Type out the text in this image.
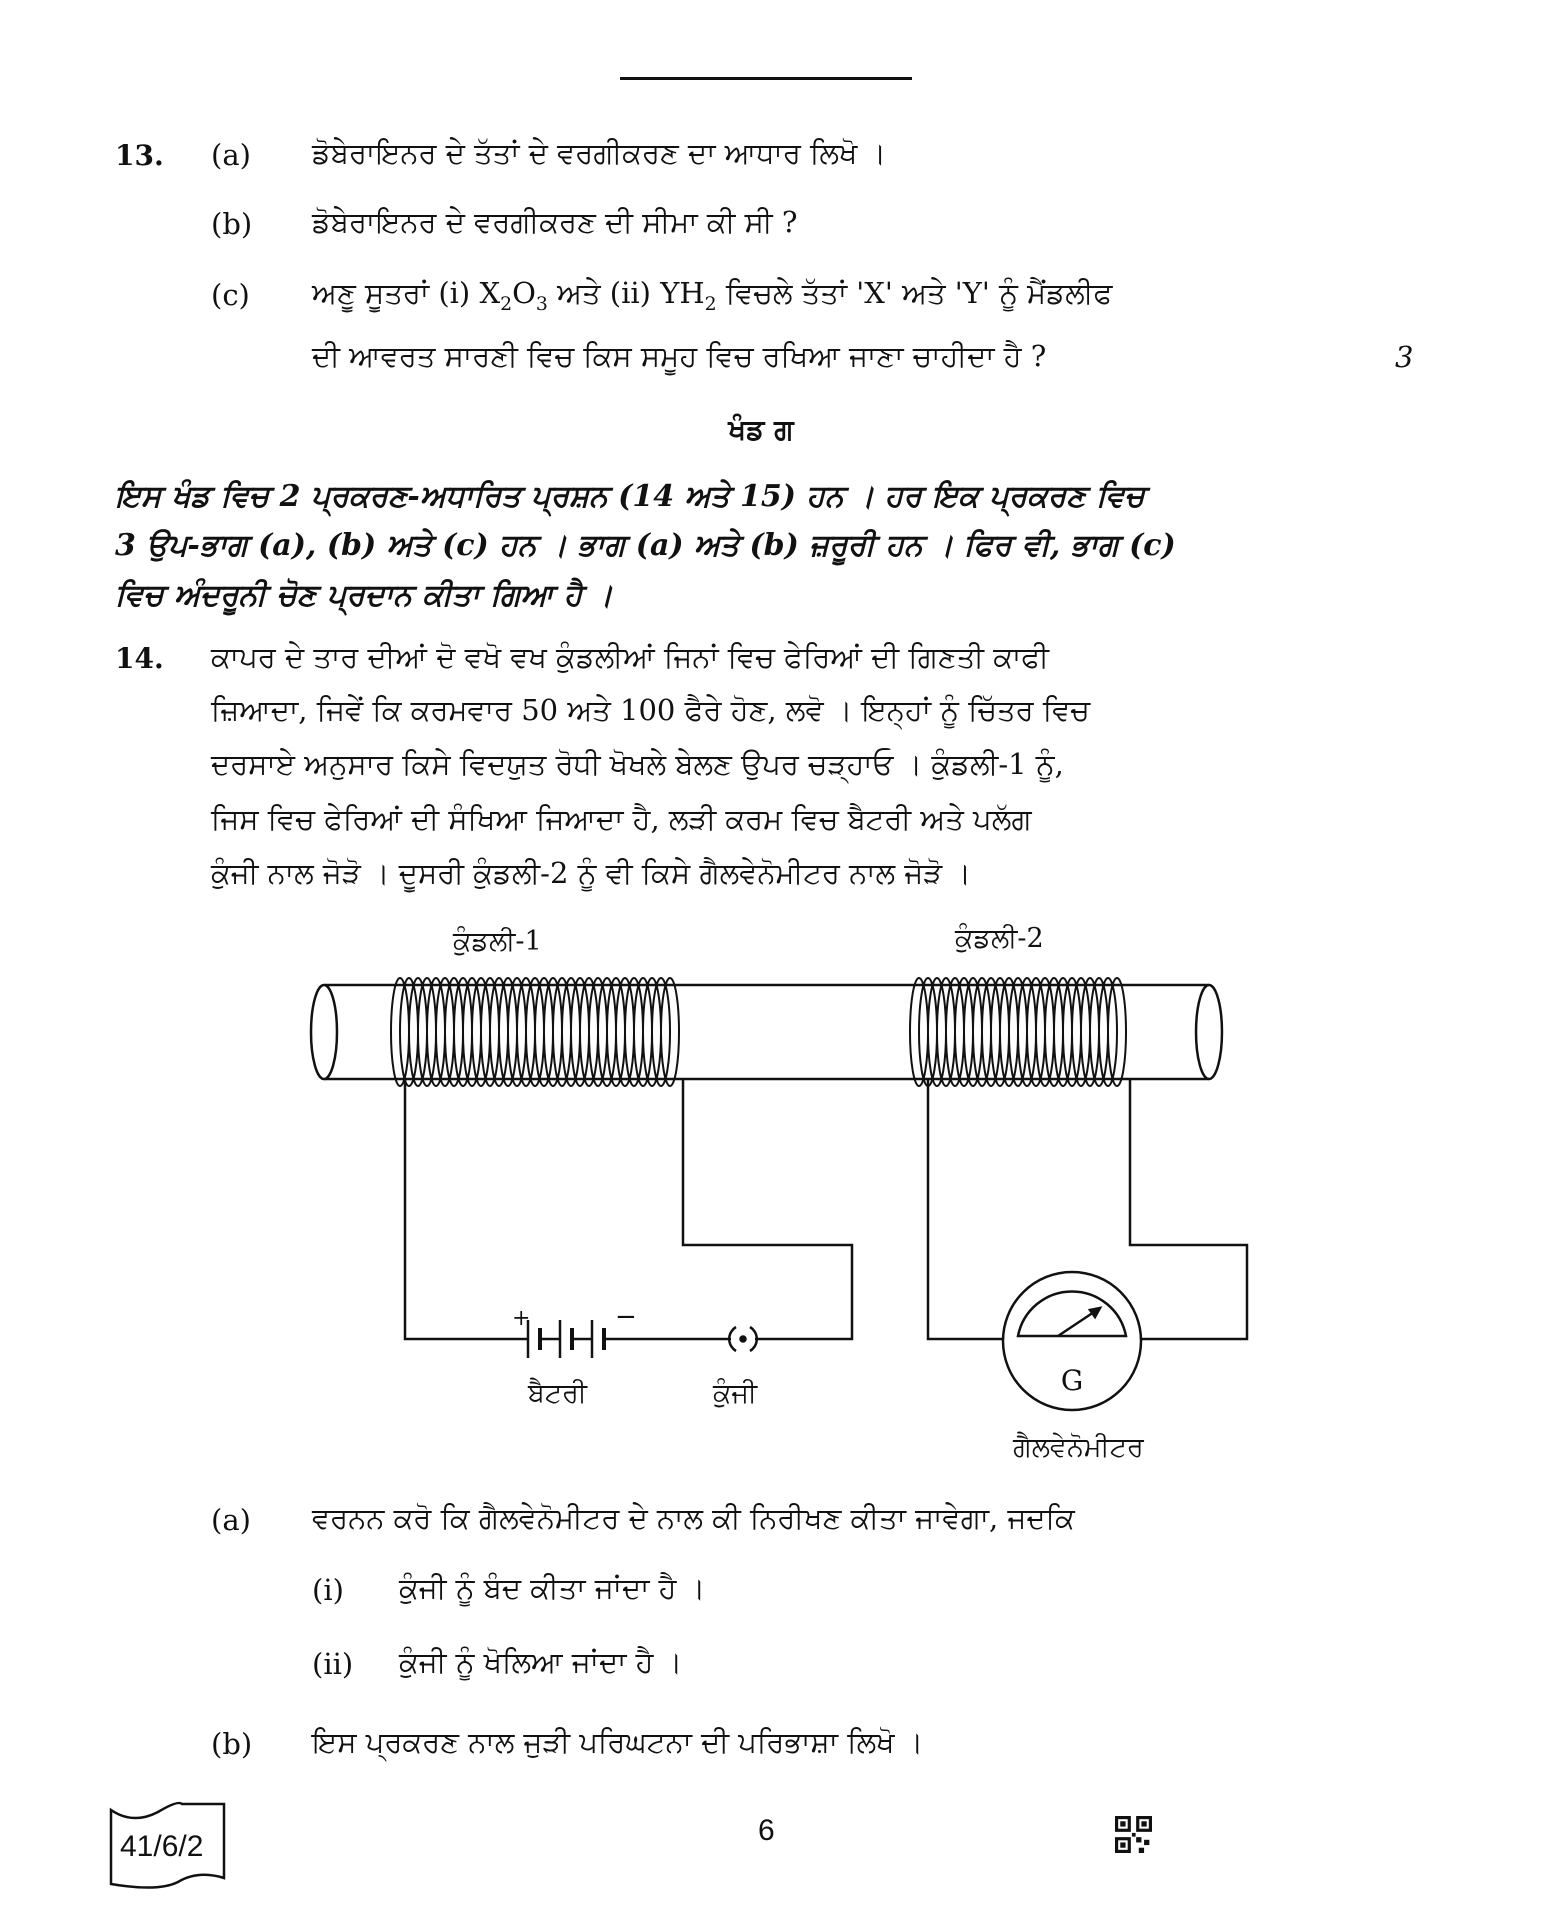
13. (a) ਡੋਬੇਰਾਇਨਰ ਦੇ ਤੱਤਾਂ ਦੇ ਵਰਗੀਕਰਣ ਦਾ ਆਧਾਰ ਲਿਖੋ ।
(b) ਡੋਬੇਰਾਇਨਰ ਦੇ ਵਰਗੀਕਰਣ ਦੀ ਸੀਮਾ ਕੀ ਸੀ ?
(c) ਅਣੂ ਸੂਤਰਾਂ (i) $X_2O_3$ ਅਤੇ (ii) $YH_2$ ਵਿਚਲੇ ਤੱਤਾਂ 'X' ਅਤੇ 'Y' ਨੂੰ ਮੈਂਡਲੀਫ
ਦੀ ਆਵਰਤ ਸਾਰਣੀ ਵਿਚ ਕਿਸ ਸਮੂਹ ਵਿਚ ਰਖਿਆ ਜਾਣਾ ਚਾਹੀਦਾ ਹੈ ?	3
ਖੰਡ ਗ
ਇਸ ਖੰਡ ਵਿਚ 2 ਪ੍ਰਕਰਣ-ਅਧਾਰਿਤ ਪ੍ਰਸ਼ਨ (14 ਅਤੇ 15) ਹਨ । ਹਰ ਇਕ ਪ੍ਰਕਰਣ ਵਿਚ
3 ਉਪ-ਭਾਗ (a), (b) ਅਤੇ (c) ਹਨ । ਭਾਗ (a) ਅਤੇ (b) ਜ਼ਰੂਰੀ ਹਨ । ਫਿਰ ਵੀ, ਭਾਗ (c)
ਵਿਚ ਅੰਦਰੂਨੀ ਚੋਣ ਪ੍ਰਦਾਨ ਕੀਤਾ ਗਿਆ ਹੈ ।
14. ਕਾਪਰ ਦੇ ਤਾਰ ਦੀਆਂ ਦੋ ਵਖੋ ਵਖ ਕੁੰਡਲੀਆਂ ਜਿਨਾਂ ਵਿਚ ਫੇਰਿਆਂ ਦੀ ਗਿਣਤੀ ਕਾਫੀ
ਜ਼ਿਆਦਾ, ਜਿਵੇਂ ਕਿ ਕਰਮਵਾਰ 50 ਅਤੇ 100 ਫੈਰੇ ਹੋਣ, ਲਵੋ । ਇਨ੍ਹਾਂ ਨੂੰ ਚਿੱਤਰ ਵਿਚ
ਦਰਸਾਏ ਅਨੁਸਾਰ ਕਿਸੇ ਵਿਦਯੁਤ ਰੋਧੀ ਖੋਖਲੇ ਬੇਲਣ ਉਪਰ ਚੜ੍ਹਾਓ । ਕੁੰਡਲੀ-1 ਨੂੰ,
ਜਿਸ ਵਿਚ ਫੇਰਿਆਂ ਦੀ ਸੰਖਿਆ ਜਿਆਦਾ ਹੈ, ਲੜੀ ਕਰਮ ਵਿਚ ਬੈਟਰੀ ਅਤੇ ਪਲੱਗ
ਕੁੰਜੀ ਨਾਲ ਜੋੜੋ । ਦੂਸਰੀ ਕੁੰਡਲੀ-2 ਨੂੰ ਵੀ ਕਿਸੇ ਗੈਲਵੇਨੋਮੀਟਰ ਨਾਲ ਜੋੜੋ ।
G
+	−
ਕੁੰਡਲੀ-1	ਕੁੰਡਲੀ-2
ਬੈਟਰੀ	ਕੁੰਜੀ
ਗੈਲਵੇਨੋਮੀਟਰ
(a) ਵਰਨਨ ਕਰੋ ਕਿ ਗੈਲਵੇਨੋਮੀਟਰ ਦੇ ਨਾਲ ਕੀ ਨਿਰੀਖਣ ਕੀਤਾ ਜਾਵੇਗਾ, ਜਦਕਿ
(i) ਕੁੰਜੀ ਨੂੰ ਬੰਦ ਕੀਤਾ ਜਾਂਦਾ ਹੈ ।
(ii) ਕੁੰਜੀ ਨੂੰ ਖੋਲਿਆ ਜਾਂਦਾ ਹੈ ।
(b) ਇਸ ਪ੍ਰਕਰਣ ਨਾਲ ਜੁੜੀ ਪਰਿਘਟਨਾ ਦੀ ਪਰਿਭਾਸ਼ਾ ਲਿਖੋ ।
41/6/2	6
